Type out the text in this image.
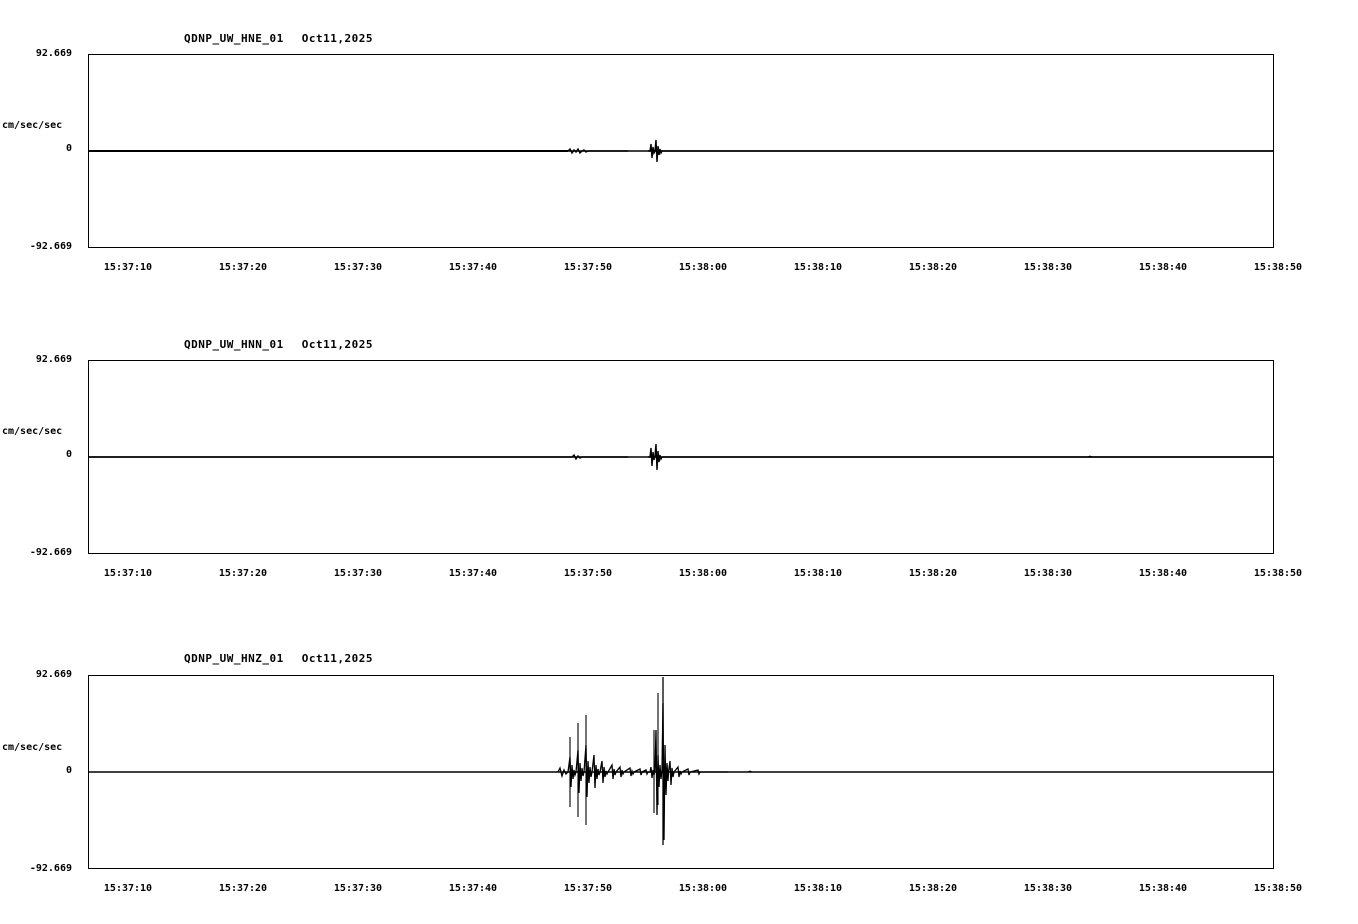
QDNP_UW_HNE_01 Oct11,2025
92.669
cm/sec/sec
0
-92.669
15:37:10	15:37:20	15:37:30	15:37:40	15:37:50	15:38:00	15:38:10	15:38:20	15:38:30	15:38:40	15:38:50
QDNP_UW_HNN_01 Oct11,2025
92.669
cm/sec/sec
0
-92.669
15:37:10	15:37:20	15:37:30	15:37:40	15:37:50	15:38:00	15:38:10	15:38:20	15:38:30	15:38:40	15:38:50
QDNP_UW_HNZ_01 Oct11,2025
92.669
cm/sec/sec
0
-92.669
15:37:10	15:37:20	15:37:30	15:37:40	15:37:50	15:38:00	15:38:10	15:38:20	15:38:30	15:38:40	15:38:50
